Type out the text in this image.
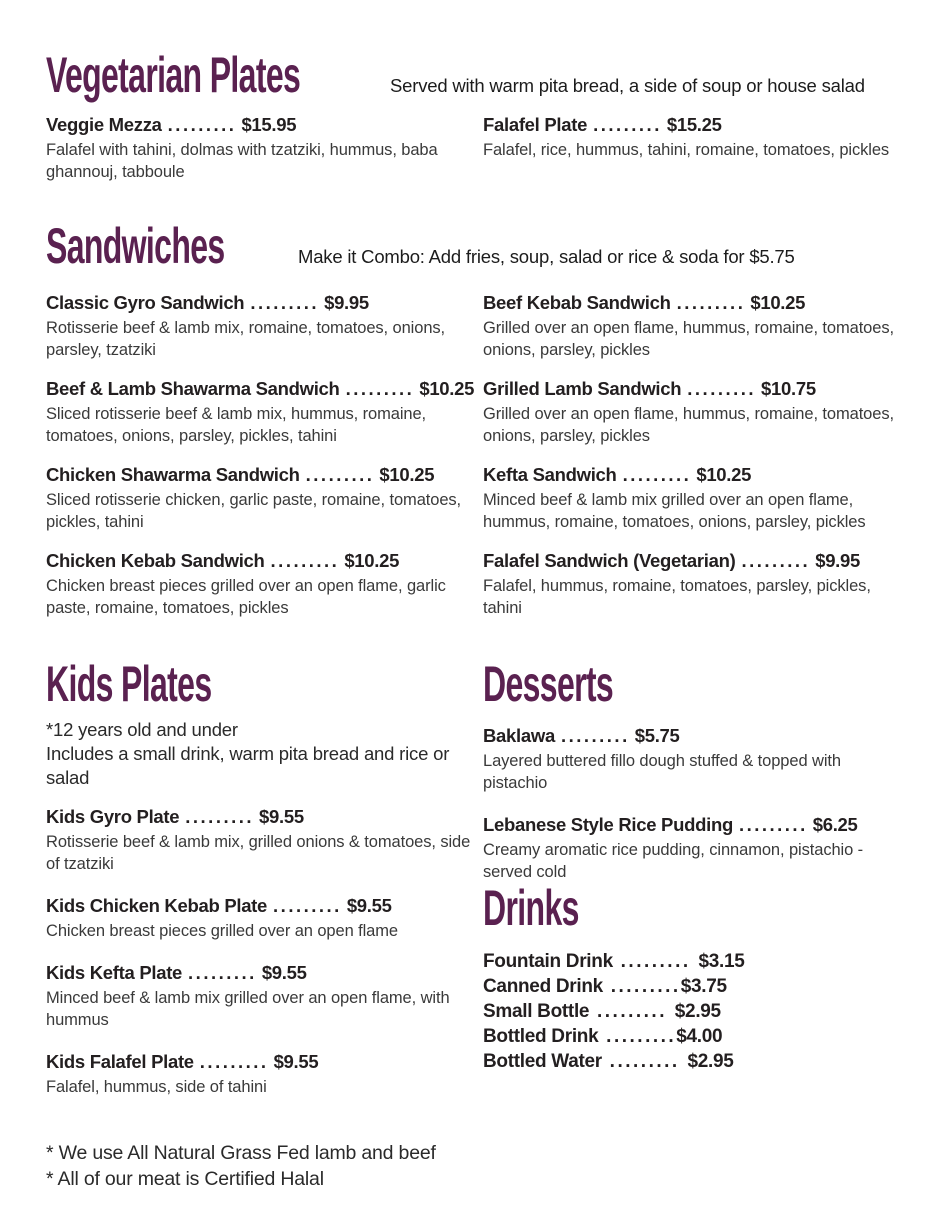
Vegetarian Plates	Served with warm pita bread, a side of soup or house salad
Veggie Mezza ......... $15.95
Falafel with tahini, dolmas with tzatziki, hummus, baba ghannouj, tabboule
Falafel Plate ......... $15.25
Falafel, rice, hummus, tahini, romaine, tomatoes, pickles
Sandwiches	Make it Combo: Add fries, soup, salad or rice & soda for $5.75
Classic Gyro Sandwich ......... $9.95
Rotisserie beef & lamb mix, romaine, tomatoes, onions, parsley, tzatziki
Beef Kebab Sandwich ......... $10.25
Grilled over an open flame, hummus, romaine, tomatoes, onions, parsley, pickles
Beef & Lamb Shawarma Sandwich ......... $10.25
Sliced rotisserie beef & lamb mix, hummus, romaine, tomatoes, onions, parsley, pickles, tahini
Grilled Lamb Sandwich ......... $10.75
Grilled over an open flame, hummus, romaine, tomatoes, onions, parsley, pickles
Chicken Shawarma Sandwich ......... $10.25
Sliced rotisserie chicken, garlic paste, romaine, tomatoes, pickles, tahini
Kefta Sandwich ......... $10.25
Minced beef & lamb mix grilled over an open flame, hummus, romaine, tomatoes, onions, parsley, pickles
Chicken Kebab Sandwich ......... $10.25
Chicken breast pieces grilled over an open flame, garlic paste, romaine, tomatoes, pickles
Falafel Sandwich (Vegetarian) ......... $9.95
Falafel, hummus, romaine, tomatoes, parsley, pickles, tahini
Kids Plates
*12 years old and under
Includes a small drink, warm pita bread and rice or salad
Kids Gyro Plate ......... $9.55
Rotisserie beef & lamb mix, grilled onions & tomatoes, side of tzatziki
Kids Chicken Kebab Plate ......... $9.55
Chicken breast pieces grilled over an open flame
Kids Kefta Plate ......... $9.55
Minced beef & lamb mix grilled over an open flame, with hummus
Kids Falafel Plate ......... $9.55
Falafel, hummus, side of tahini
* We use All Natural Grass Fed lamb and beef
* All of our meat is Certified Halal
Desserts
Baklawa ......... $5.75
Layered buttered fillo dough stuffed & topped with pistachio
Lebanese Style Rice Pudding ......... $6.25
Creamy aromatic rice pudding, cinnamon, pistachio - served cold
Drinks
Fountain Drink ......... $3.15
Canned Drink .........$3.75
Small Bottle ......... $2.95
Bottled Drink .........$4.00
Bottled Water ......... $2.95
